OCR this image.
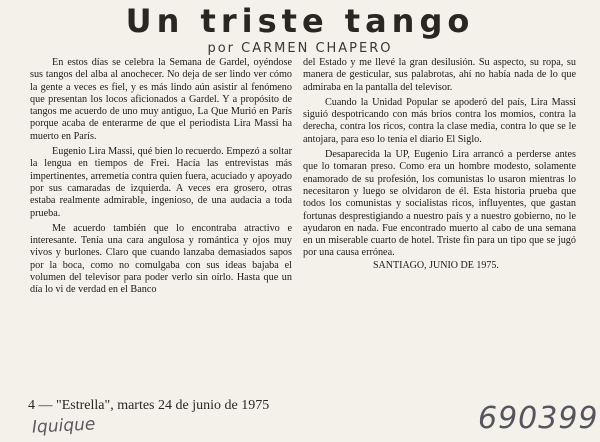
Un triste tango
por CARMEN CHAPERO

En estos días se celebra la Semana de Gardel, oyéndose sus tangos del alba al anochecer. No deja de ser lindo ver cómo la gente a veces es fiel, y es más lindo aún asistir al fenómeno que presentan los locos aficionados a Gardel. Y a propósito de tangos me acuerdo de uno muy antiguo, La Que Murió en París porque acaba de enterarme de que el periodista Lira Massi ha muerto en París.

Eugenio Lira Massi, qué bien lo recuerdo. Empezó a soltar la lengua en tiempos de Frei. Hacía las entrevistas más impertinentes, arremetía contra quien fuera, acuciado y apoyado por sus camaradas de izquierda. A veces era grosero, otras estaba realmente admirable, ingenioso, de una audacia a toda prueba.

Me acuerdo también que lo encontraba atractivo e interesante. Tenía una cara angulosa y romántica y ojos muy vivos y burlones. Claro que cuando lanzaba demasiados sapos por la boca, como no comulgaba con sus ideas bajaba el volumen del televisor para poder verlo sin oírlo. Hasta que un día lo vi de verdad en el Banco

del Estado y me llevé la gran desilusión. Su aspecto, su ropa, su manera de gesticular, sus palabrotas, ahí no había nada de lo que admiraba en la pantalla del televisor.

Cuando la Unidad Popular se apoderó del país, Lira Massi siguió despotricando con más bríos contra los momios, contra la derecha, contra los ricos, contra la clase media, contra lo que se le antojara, para eso lo tenía el diario El Siglo.

Desaparecida la UP, Eugenio Lira arrancó a perderse antes que lo tomaran preso. Como era un hombre modesto, solamente enamorado de su profesión, los comunistas lo usaron mientras lo necesitaron y luego se olvidaron de él. Esta historia prueba que todos los comunistas y socialistas ricos, influyentes, que gastan fortunas desprestigiando a nuestro país y a nuestro gobierno, no le ayudaron en nada. Fue encontrado muerto al cabo de una semana en un miserable cuarto de hotel. Triste fin para un tipo que se jugó por una causa errónea.

SANTIAGO, JUNIO DE 1975.

4 — "Estrella", martes 24 de junio de 1975
Iquique	690399
